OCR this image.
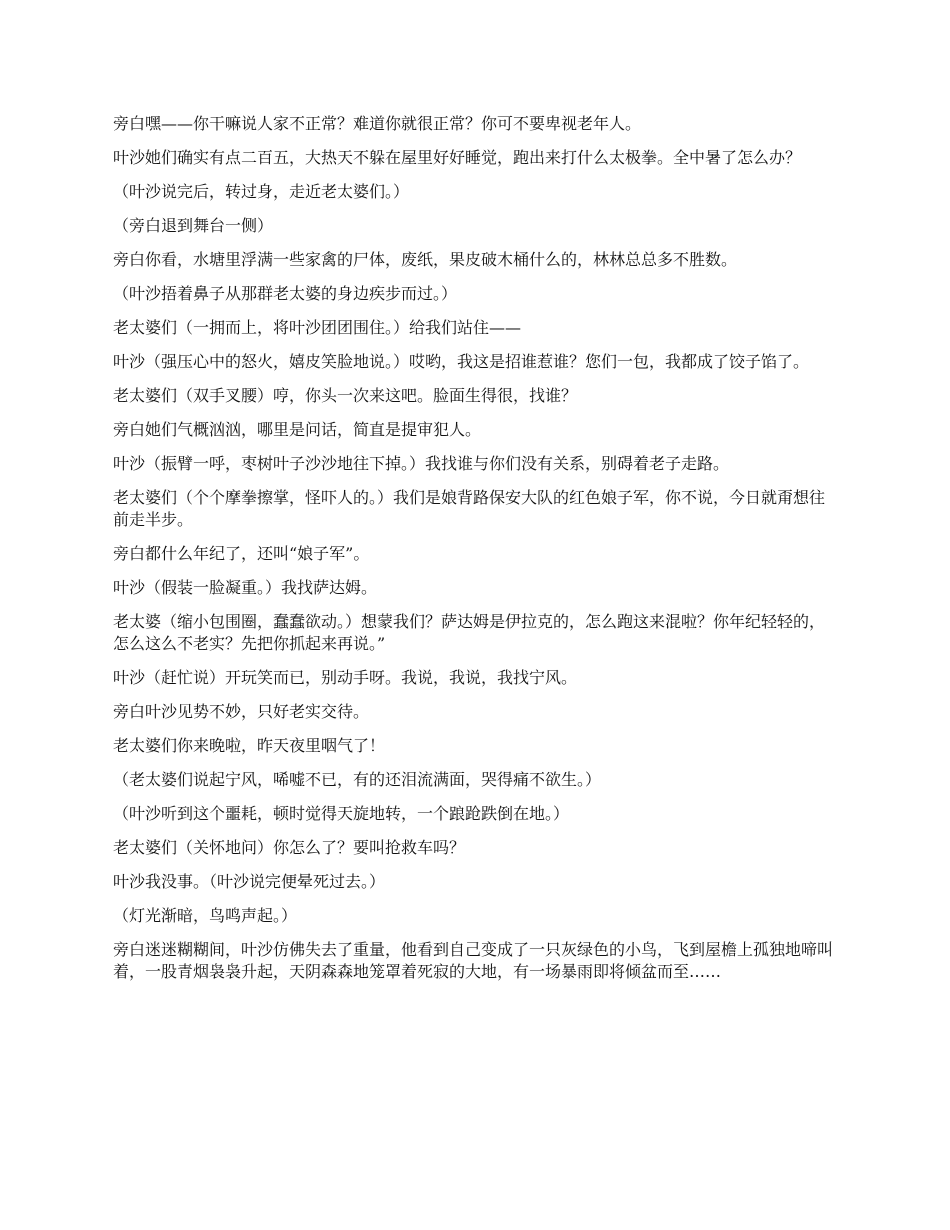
旁白嘿——你干嘛说人家不正常？难道你就很正常？你可不要卑视老年人。

叶沙她们确实有点二百五，大热天不躲在屋里好好睡觉，跑出来打什么太极拳。全中暑了怎么办？

（叶沙说完后，转过身，走近老太婆们。）

（旁白退到舞台一侧）

旁白你看，水塘里浮满一些家禽的尸体，废纸，果皮破木桶什么的，林林总总多不胜数。

（叶沙捂着鼻子从那群老太婆的身边疾步而过。）

老太婆们（一拥而上，将叶沙团团围住。）给我们站住——

叶沙（强压心中的怒火，嬉皮笑脸地说。）哎哟，我这是招谁惹谁？您们一包，我都成了饺子馅了。

老太婆们（双手叉腰）哼，你头一次来这吧。脸面生得很，找谁？

旁白她们气概汹汹，哪里是问话，简直是提审犯人。

叶沙（振臂一呼，枣树叶子沙沙地往下掉。）我找谁与你们没有关系，别碍着老子走路。

老太婆们（个个摩拳擦掌，怪吓人的。）我们是娘背路保安大队的红色娘子军，你不说，今日就甭想往前走半步。

旁白都什么年纪了，还叫“娘子军”。

叶沙（假装一脸凝重。）我找萨达姆。

老太婆（缩小包围圈，蠢蠢欲动。）想蒙我们？萨达姆是伊拉克的，怎么跑这来混啦？你年纪轻轻的，怎么这么不老实？先把你抓起来再说。”

叶沙（赶忙说）开玩笑而已，别动手呀。我说，我说，我找宁风。

旁白叶沙见势不妙，只好老实交待。

老太婆们你来晚啦，昨天夜里咽气了！

（老太婆们说起宁风，唏嘘不已，有的还泪流满面，哭得痛不欲生。）

（叶沙听到这个噩耗，顿时觉得天旋地转，一个踉跄跌倒在地。）

老太婆们（关怀地问）你怎么了？要叫抢救车吗？

叶沙我没事。（叶沙说完便晕死过去。）

（灯光渐暗，鸟鸣声起。）

旁白迷迷糊糊间，叶沙仿佛失去了重量，他看到自己变成了一只灰绿色的小鸟，飞到屋檐上孤独地啼叫着，一股青烟袅袅升起，天阴森森地笼罩着死寂的大地，有一场暴雨即将倾盆而至……
